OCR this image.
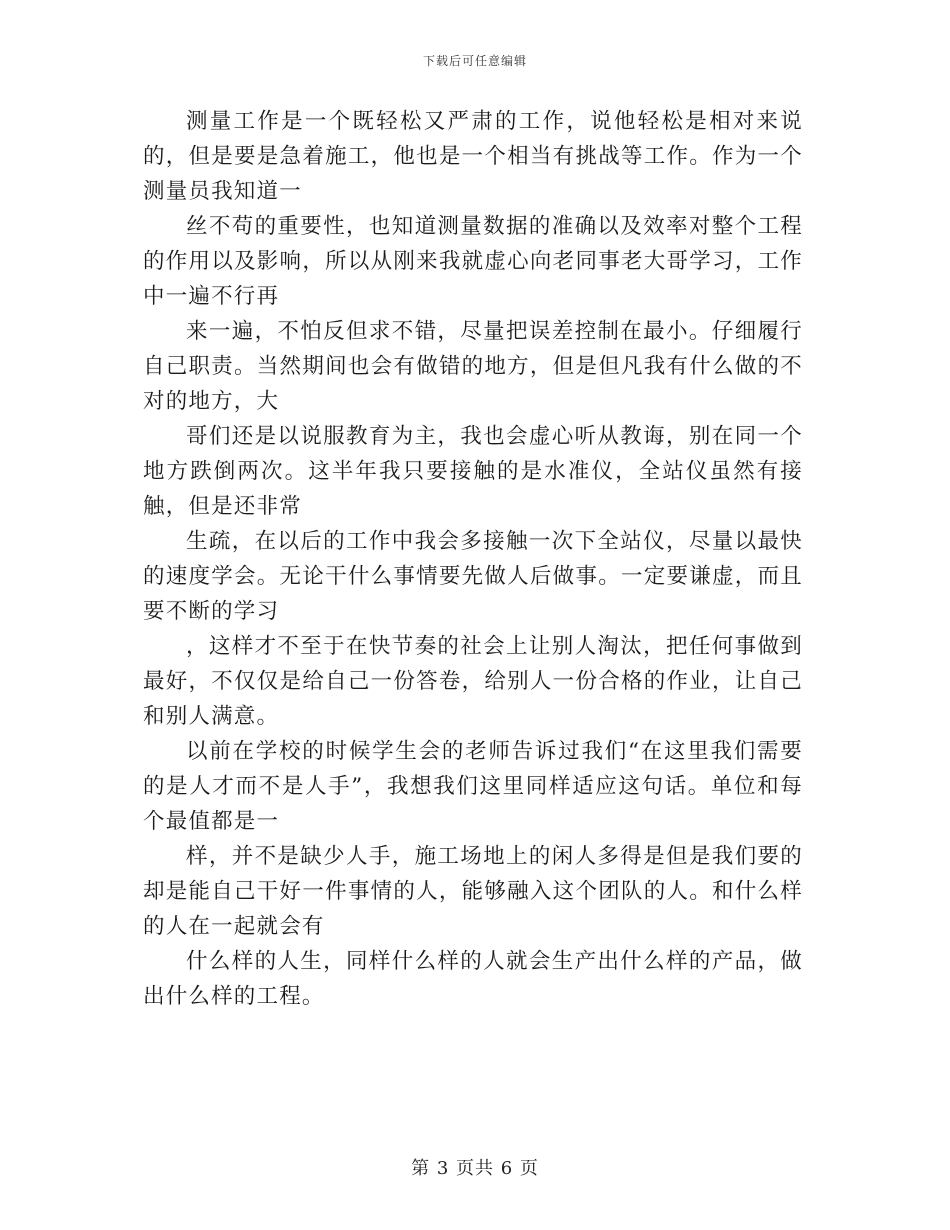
下载后可任意编辑

测量工作是一个既轻松又严肃的工作，说他轻松是相对来说的，但是要是急着施工，他也是一个相当有挑战等工作。作为一个测量员我知道一

丝不苟的重要性，也知道测量数据的准确以及效率对整个工程的作用以及影响，所以从刚来我就虚心向老同事老大哥学习，工作中一遍不行再

来一遍，不怕反但求不错，尽量把误差控制在最小。仔细履行自己职责。当然期间也会有做错的地方，但是但凡我有什么做的不对的地方，大

哥们还是以说服教育为主，我也会虚心听从教诲，别在同一个地方跌倒两次。这半年我只要接触的是水准仪，全站仪虽然有接触，但是还非常

生疏，在以后的工作中我会多接触一次下全站仪，尽量以最快的速度学会。无论干什么事情要先做人后做事。一定要谦虚，而且要不断的学习

，这样才不至于在快节奏的社会上让别人淘汰，把任何事做到最好，不仅仅是给自己一份答卷，给别人一份合格的作业，让自己和别人满意。

以前在学校的时候学生会的老师告诉过我们“在这里我们需要的是人才而不是人手”，我想我们这里同样适应这句话。单位和每个最值都是一

样，并不是缺少人手，施工场地上的闲人多得是但是我们要的却是能自己干好一件事情的人，能够融入这个团队的人。和什么样的人在一起就会有

什么样的人生，同样什么样的人就会生产出什么样的产品，做出什么样的工程。

第 3 页共 6 页
